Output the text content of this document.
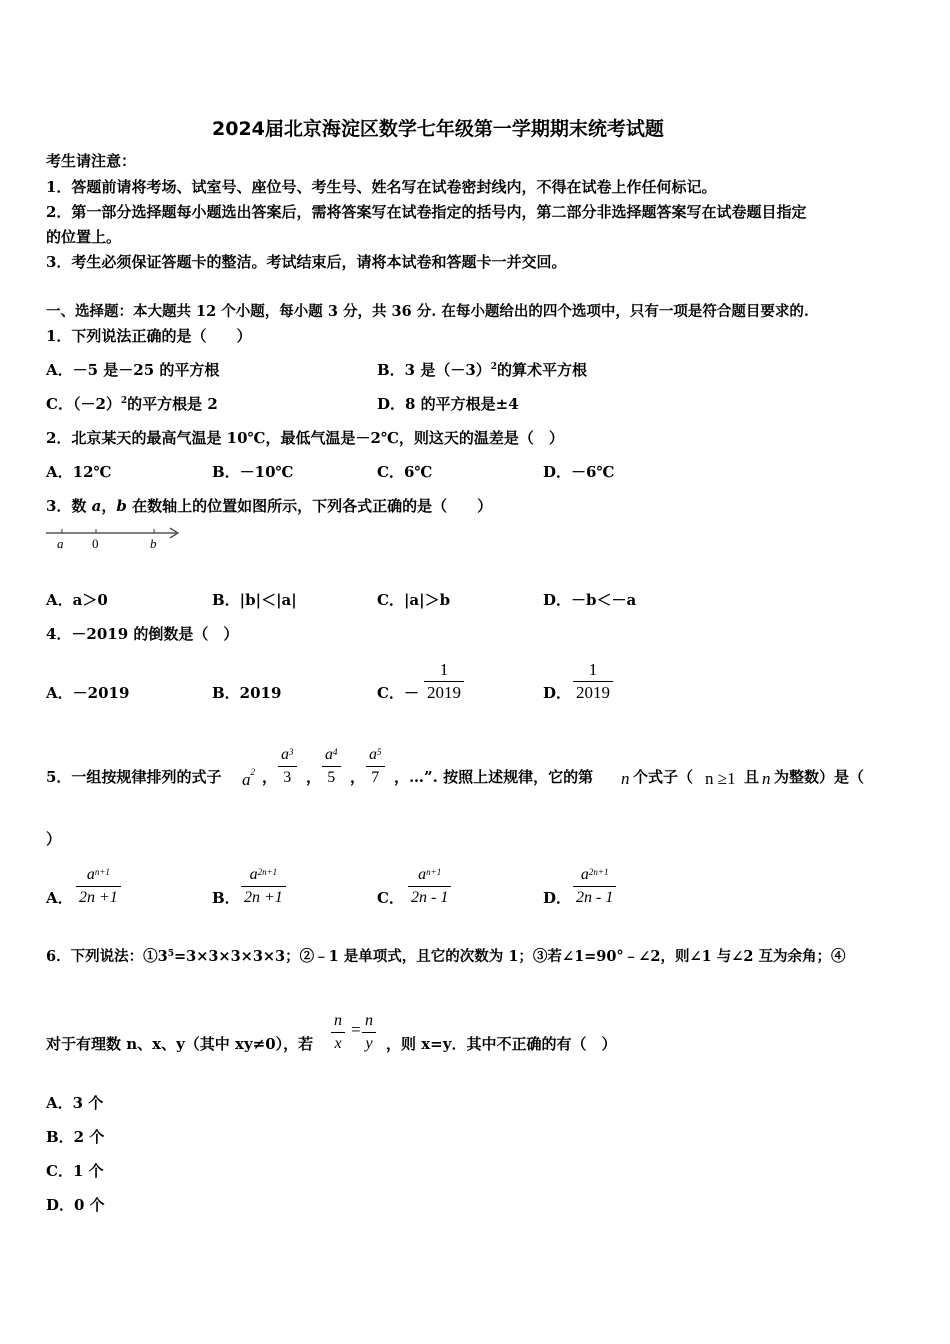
2024届北京海淀区数学七年级第一学期期末统考试题
考生请注意：
1．答题前请将考场、试室号、座位号、考生号、姓名写在试卷密封线内，不得在试卷上作任何标记。
2．第一部分选择题每小题选出答案后，需将答案写在试卷指定的括号内，第二部分非选择题答案写在试卷题目指定
的位置上。
3．考生必须保证答题卡的整洁。考试结束后，请将本试卷和答题卡一并交回。
一、选择题：本大题共 12 个小题，每小题 3 分，共 36 分. 在每小题给出的四个选项中，只有一项是符合题目要求的.
1．下列说法正确的是（　　）
A．－5 是－25 的平方根	B．3 是$(-3)^2$的算术平方根
C．$(-2)^2$的平方根是 2	D．8 的平方根是±4
2．北京某天的最高气温是 10℃，最低气温是－2℃，则这天的温差是（　）
A．12℃	B．－10℃	C．6℃	D．－6℃
3．数 a，b 在数轴上的位置如图所示，下列各式正确的是（　　）
a 0	b
A．a＞0	B．|b|＜|a|	C．|a|＞b	D．－b＜－a
4．－2019 的倒数是（　）
A．－2019	B．2019	C．－ $\frac{1}{2019}$	D． $\frac{1}{2019}$
5．一组按规律排列的式子 $a^2$ ， $\frac{a^3}{3}$ ， $\frac{a^4}{5}$ ， $\frac{a^5}{7}$ ，…”. 按照上述规律，它的第 n 个式子（ n ≥1 且 n 为整数）是（
）
A． $\frac{a^{n+1}}{2n +1}$	B． $\frac{a^{2n+1}}{2n +1}$	C． $\frac{a^{n+1}}{2n - 1}$	D． $\frac{a^{2n+1}}{2n - 1}$
6．下列说法：$①3^5=3\times 3\times 3\times 3\times 3$；②﹣1 是单项式，且它的次数为 1；③若∠1=90°﹣∠2，则∠1 与∠2 互为余角；④
对于有理数 n、x、y（其中 xy≠0），若 $\frac{n}{x} = \frac{n}{y}$ ，则 x=y．其中不正确的有（　）
A．3 个
B．2 个
C．1 个
D．0 个
